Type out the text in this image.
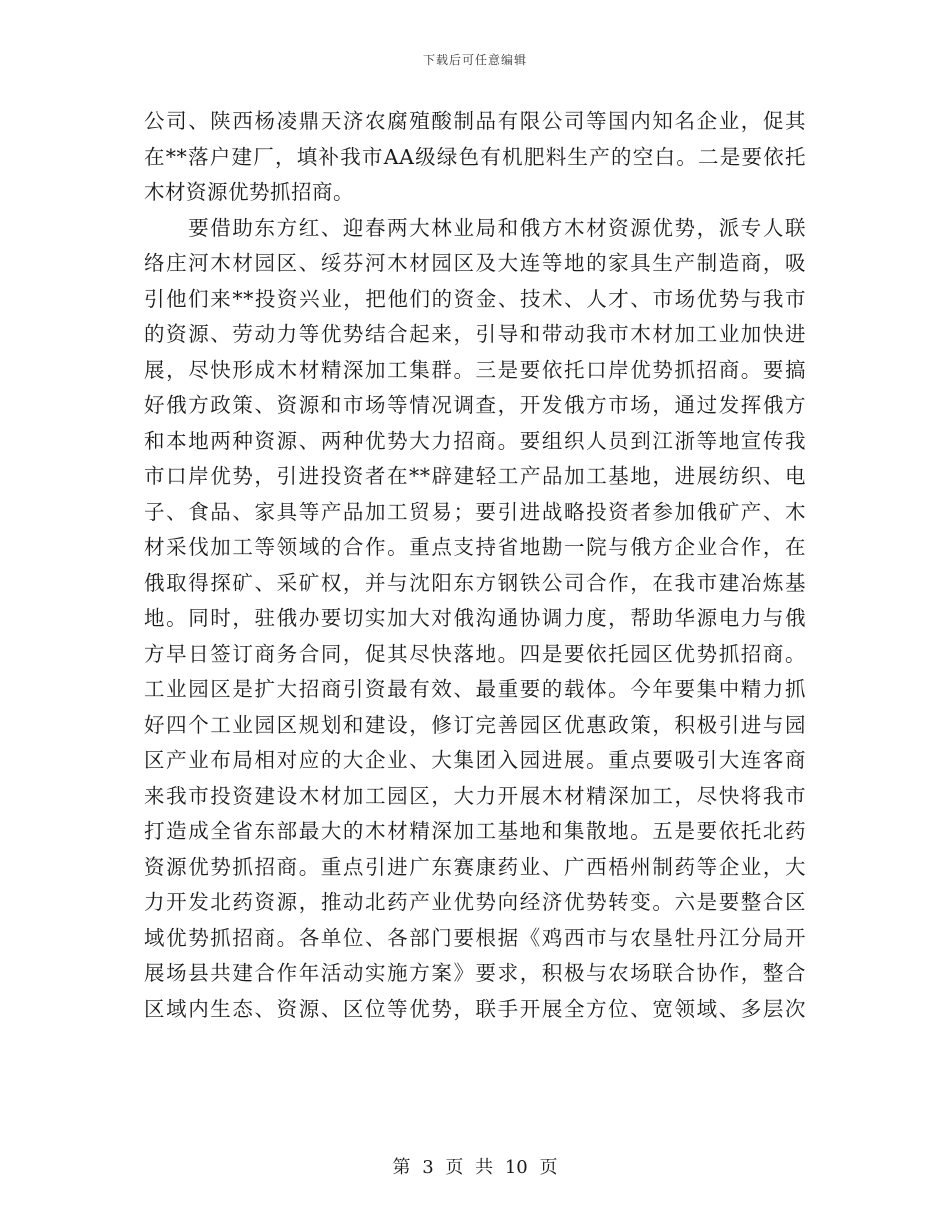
下载后可任意编辑
公司、陕西杨凌鼎天济农腐殖酸制品有限公司等国内知名企业，促其
在**落户建厂，填补我市AA级绿色有机肥料生产的空白。二是要依托
木材资源优势抓招商。
　　要借助东方红、迎春两大林业局和俄方木材资源优势，派专人联
络庄河木材园区、绥芬河木材园区及大连等地的家具生产制造商，吸
引他们来**投资兴业，把他们的资金、技术、人才、市场优势与我市
的资源、劳动力等优势结合起来，引导和带动我市木材加工业加快进
展，尽快形成木材精深加工集群。三是要依托口岸优势抓招商。要搞
好俄方政策、资源和市场等情况调查，开发俄方市场，通过发挥俄方
和本地两种资源、两种优势大力招商。要组织人员到江浙等地宣传我
市口岸优势，引进投资者在**辟建轻工产品加工基地，进展纺织、电
子、食品、家具等产品加工贸易；要引进战略投资者参加俄矿产、木
材采伐加工等领域的合作。重点支持省地勘一院与俄方企业合作，在
俄取得探矿、采矿权，并与沈阳东方钢铁公司合作，在我市建冶炼基
地。同时，驻俄办要切实加大对俄沟通协调力度，帮助华源电力与俄
方早日签订商务合同，促其尽快落地。四是要依托园区优势抓招商。
工业园区是扩大招商引资最有效、最重要的载体。今年要集中精力抓
好四个工业园区规划和建设，修订完善园区优惠政策，积极引进与园
区产业布局相对应的大企业、大集团入园进展。重点要吸引大连客商
来我市投资建设木材加工园区，大力开展木材精深加工，尽快将我市
打造成全省东部最大的木材精深加工基地和集散地。五是要依托北药
资源优势抓招商。重点引进广东赛康药业、广西梧州制药等企业，大
力开发北药资源，推动北药产业优势向经济优势转变。六是要整合区
域优势抓招商。各单位、各部门要根据《鸡西市与农垦牡丹江分局开
展场县共建合作年活动实施方案》要求，积极与农场联合协作，整合
区域内生态、资源、区位等优势，联手开展全方位、宽领域、多层次
第 3 页 共 10 页
